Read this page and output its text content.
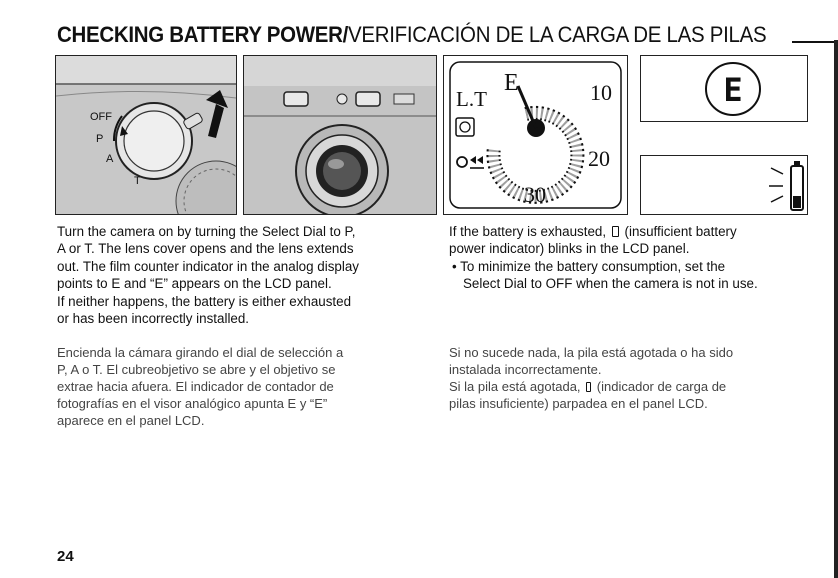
CHECKING BATTERY POWER/VERIFICACIÓN DE LA CARGA DE LAS PILAS
OFF
P
A
T
L.T
E	10
20
30
E
Turn the camera on by turning the Select Dial to P,
A or T. The lens cover opens and the lens extends
out. The film counter indicator in the analog display
points to E and “E” appears on the LCD panel.
If neither happens, the battery is either exhausted
or has been incorrectly installed.
Encienda la cámara girando el dial de selección a
P, A o T. El cubreobjetivo se abre y el objetivo se
extrae hacia afuera. El indicador de contador de
fotografías en el visor analógico apunta E y “E”
aparece en el panel LCD.
If the battery is exhausted, (insufficient battery
power indicator) blinks in the LCD panel.
• To minimize the battery consumption, set the
Select Dial to OFF when the camera is not in use.
Si no sucede nada, la pila está agotada o ha sido
instalada incorrectamente.
Si la pila está agotada, (indicador de carga de
pilas insuficiente) parpadea en el panel LCD.
24
